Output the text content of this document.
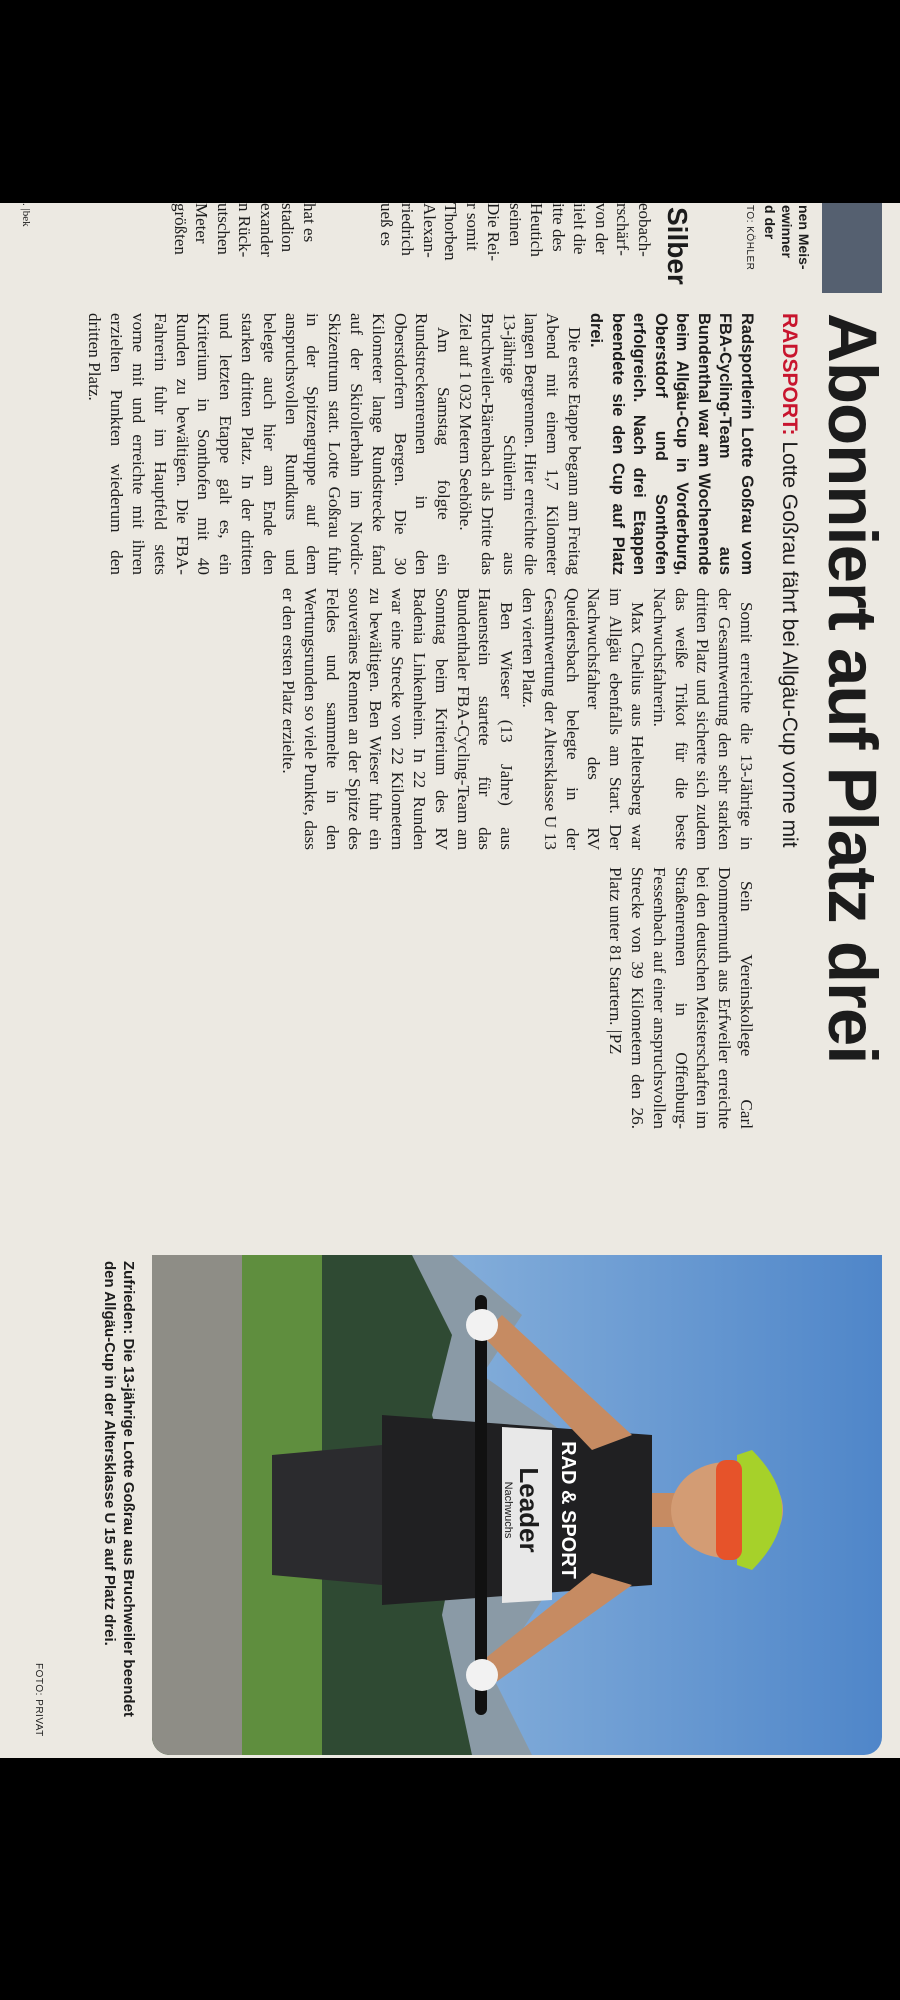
nen Meis-
ewinner
d der
TO: KÖHLER
Silber
eobach-
rschärf-
von der
iielt die
itte des
Heutich
seinen
Die Rei-
r somit
Thorben
Alexan-
riedrich
ueß es
hat es
stadion
exander
n Rück-
utschen
Meter
größten
. |bek
Abonniert auf Platz drei
RADSPORT: Lotte Goßrau fährt bei Allgäu-Cup vorne mit

Radsportlerin Lotte Goßrau vom FBA-Cycling-Team aus Bundenthal war am Wochenende beim Allgäu-Cup in Vorderburg, Oberstdorf und Sonthofen erfolgreich. Nach drei Etappen beendete sie den Cup auf Platz drei.

Die erste Etappe begann am Freitag Abend mit einem 1,7 Kilometer langen Bergrennen. Hier erreichte die 13-jährige Schülerin aus Bruchweiler-Bärenbach als Dritte das Ziel auf 1 032 Metern Seehöhe.

Am Samstag folgte ein Rundstreckenrennen in den Oberstdorfern Bergen. Die 30 Kilometer lange Rundstrecke fand auf der Skirollerbahn im Nordic-Skizentrum statt. Lotte Goßrau fuhr in der Spitzengruppe auf dem anspruchsvollen Rundkurs und belegte auch hier am Ende den starken dritten Platz. In der dritten und letzten Etappe galt es, ein Kriterium in Sonthofen mit 40 Runden zu bewältigen. Die FBA-Fahrerin fuhr im Hauptfeld stets vorne mit und erreichte mit ihren erzielten Punkten wiederum den dritten Platz.

Somit erreichte die 13-Jährige in der Gesamtwertung den sehr starken dritten Platz und sicherte sich zudem das weiße Trikot für die beste Nachwuchsfahrerin.

Max Chelius aus Heltersberg war im Allgäu ebenfalls am Start. Der Nachwuchsfahrer des RV Queidersbach belegte in der Gesamtwertung der Altersklasse U 13 den vierten Platz.

Ben Wieser (13 Jahre) aus Hauenstein startete für das Bundenthaler FBA-Cycling-Team am Sonntag beim Kriterium des RV Badenia Linkenheim. In 22 Runden war eine Strecke von 22 Kilometern zu bewältigen. Ben Wieser fuhr ein souveränes Rennen an der Spitze des Feldes und sammelte in den Wertungsrunden so viele Punkte, dass er den ersten Platz erzielte.

Sein Vereinskollege Carl Dommermuth aus Erfweiler erreichte bei den deutschen Meisterschaften im Straßenrennen in Offenburg-Fessenbach auf einer anspruchsvollen Strecke von 39 Kilometern den 26. Platz unter 81 Startern. |PZ

RAD & SPORT
Leader
Nachwuchs
Zufrieden: Die 13-jährige Lotte Goßrau aus Bruchweiler beendet den Allgäu-Cup in der Altersklasse U 15 auf Platz drei.
FOTO: PRIVAT
